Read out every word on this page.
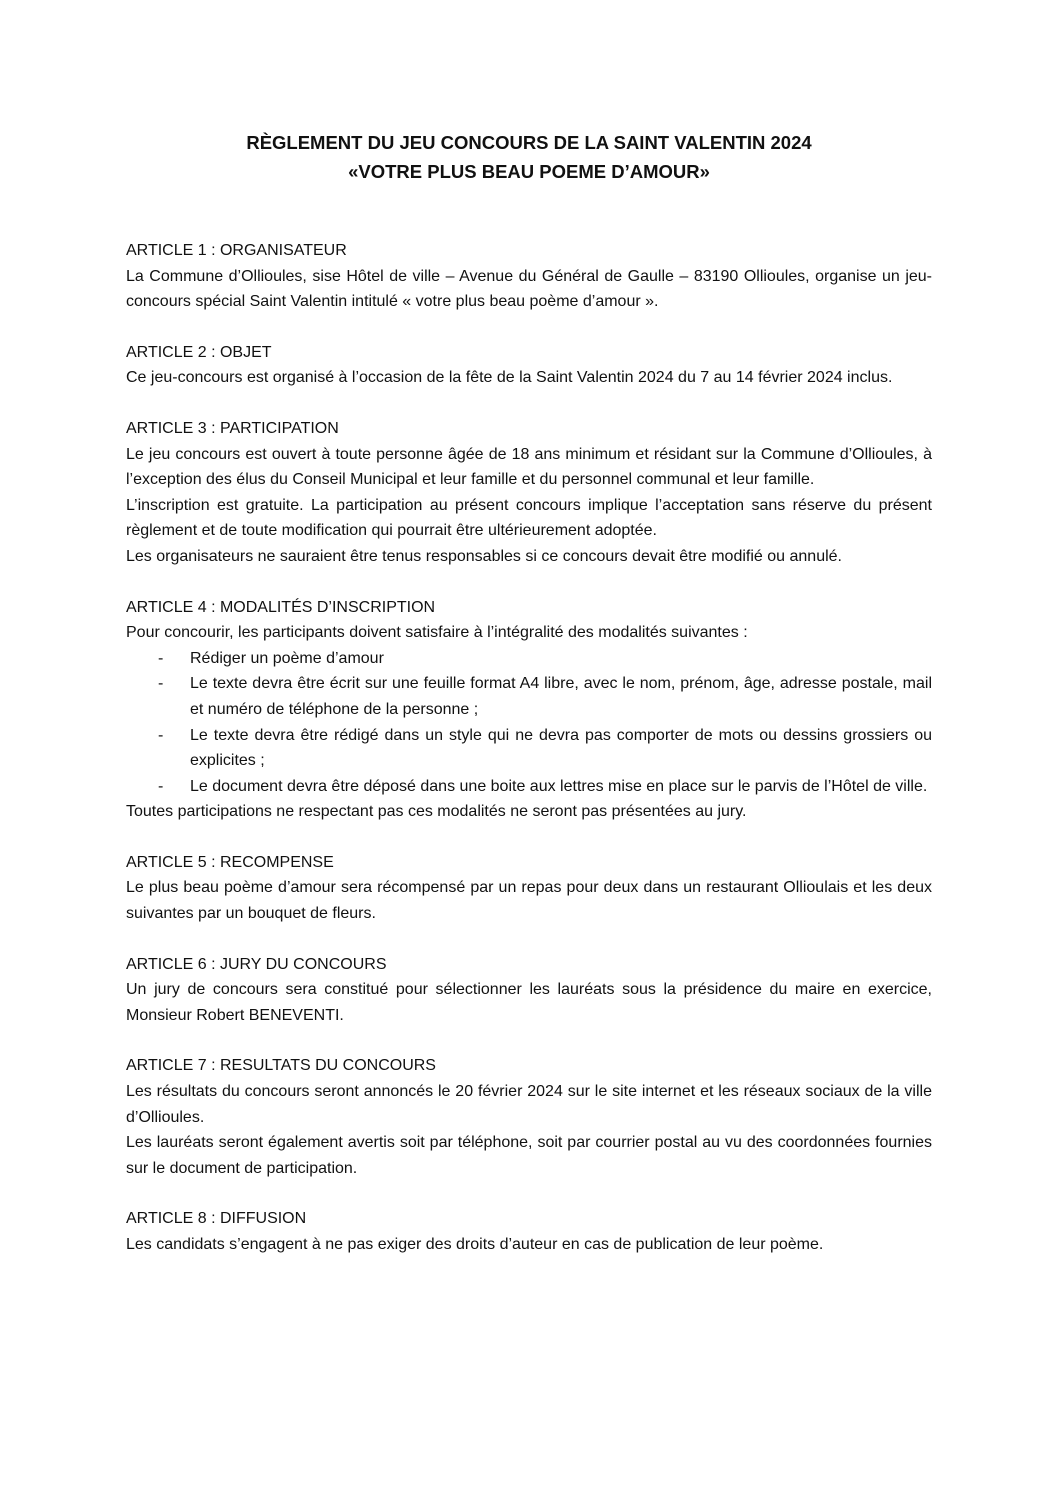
RÈGLEMENT DU JEU CONCOURS DE LA SAINT VALENTIN 2024
«VOTRE PLUS BEAU POEME D’AMOUR»
ARTICLE 1 : ORGANISATEUR

La Commune d’Ollioules, sise Hôtel de ville – Avenue du Général de Gaulle – 83190 Ollioules, organise un jeu-concours spécial Saint Valentin intitulé « votre plus beau poème d’amour ».

ARTICLE 2 : OBJET

Ce jeu-concours est organisé à l’occasion de la fête de la Saint Valentin 2024 du 7 au 14 février 2024 inclus.

ARTICLE 3 : PARTICIPATION

Le jeu concours est ouvert à toute personne âgée de 18 ans minimum et résidant sur la Commune d’Ollioules, à l’exception des élus du Conseil Municipal et leur famille et du personnel communal et leur famille.

L’inscription est gratuite. La participation au présent concours implique l’acceptation sans réserve du présent règlement et de toute modification qui pourrait être ultérieurement adoptée.

Les organisateurs ne sauraient être tenus responsables si ce concours devait être modifié ou annulé.

ARTICLE 4 : MODALITÉS D’INSCRIPTION

Pour concourir, les participants doivent satisfaire à l’intégralité des modalités suivantes :

- Rédiger un poème d’amour
- Le texte devra être écrit sur une feuille format A4 libre, avec le nom, prénom, âge, adresse postale, mail et numéro de téléphone de la personne ;
- Le texte devra être rédigé dans un style qui ne devra pas comporter de mots ou dessins grossiers ou explicites ;
- Le document devra être déposé dans une boite aux lettres mise en place sur le parvis de l’Hôtel de ville.

Toutes participations ne respectant pas ces modalités ne seront pas présentées au jury.

ARTICLE 5 : RECOMPENSE

Le plus beau poème d’amour sera récompensé par un repas pour deux dans un restaurant Ollioulais et les deux suivantes par un bouquet de fleurs.

ARTICLE 6 : JURY DU CONCOURS

Un jury de concours sera constitué pour sélectionner les lauréats sous la présidence du maire en exercice, Monsieur Robert BENEVENTI.

ARTICLE 7 : RESULTATS DU CONCOURS

Les résultats du concours seront annoncés le 20 février 2024 sur le site internet et les réseaux sociaux de la ville d’Ollioules.

Les lauréats seront également avertis soit par téléphone, soit par courrier postal au vu des coordonnées fournies sur le document de participation.

ARTICLE 8 : DIFFUSION

Les candidats s’engagent à ne pas exiger des droits d’auteur en cas de publication de leur poème.
